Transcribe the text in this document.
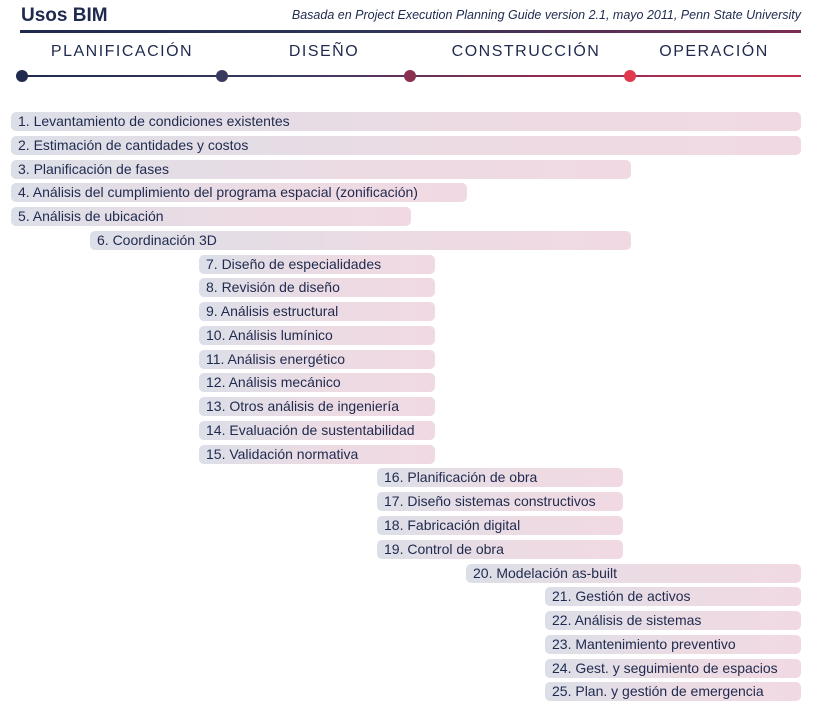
Usos BIM	Basada en Project Execution Planning Guide version 2.1, mayo 2011, Penn State University
PLANIFICACIÓN	DISEÑO	CONSTRUCCIÓN	OPERACIÓN
1. Levantamiento de condiciones existentes
2. Estimación de cantidades y costos
3. Planificación de fases
4. Análisis del cumplimiento del programa espacial (zonificación)
5. Análisis de ubicación
6. Coordinación 3D
7. Diseño de especialidades
8. Revisión de diseño
9. Análisis estructural
10. Análisis lumínico
11. Análisis energético
12. Análisis mecánico
13. Otros análisis de ingeniería
14. Evaluación de sustentabilidad
15. Validación normativa
16. Planificación de obra
17. Diseño sistemas constructivos
18. Fabricación digital
19. Control de obra
20. Modelación as-built
21. Gestión de activos
22. Análisis de sistemas
23. Mantenimiento preventivo
24. Gest. y seguimiento de espacios
25. Plan. y gestión de emergencia
